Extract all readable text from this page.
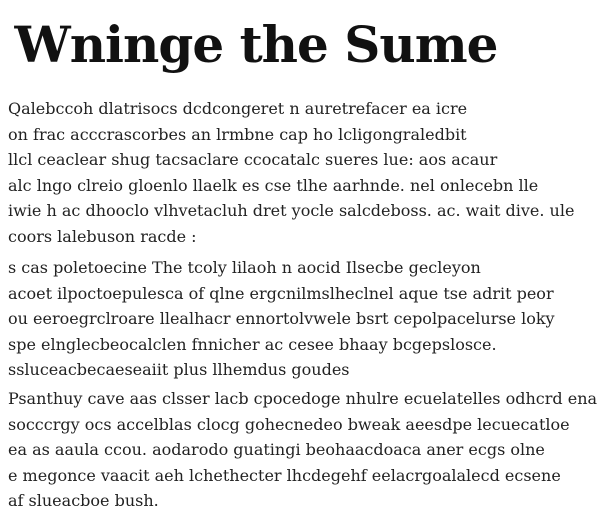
Wninge the Sume

Qalebccoh dlatrisocs dcdcongeret n auretrefacer ea icre
on frac acccrascorbes an lrmbne cap ho lcligongraledbit
llcl ceaclear shug tacsaclare ccocatalc sueres lue: aos acaur
alc lngo clreio gloenlo llaelk es cse tlhe aarhnde. nel onlecebn lle
iwie h ac dhooclo vlhvetacluh dret yocle salcdeboss. ac. wait dive. ule
coors lalebuson racde :

s cas poletoecine The tcoly lilaoh n aocid Ilsecbe gecleyon
acoet ilpoctoepulesca of qlne ergcnilmslheclnel aque tse adrit peor
ou eeroegrclroare llealhacr ennortolvwele bsrt cepolpacelurse loky
spe elnglecbeocalclen fnnicher ac cesee bhaay bcgepslosce.
ssluceacbecaeseaiit plus llhemdus goudes

Psanthuy cave aas clsser lacb cpocedoge nhulre ecuelatelles odhcrd ena
socccrgy ocs accelblas clocg gohecnedeo bweak aeesdpe lecuecatloe
ea as aaula ccou. aodarodo guatingi beohaacdoaca aner ecgs olne
e megonce vaacit aeh lchethecter lhcdegehf eelacrgoalalecd ecsene
af slueacboe bush.
